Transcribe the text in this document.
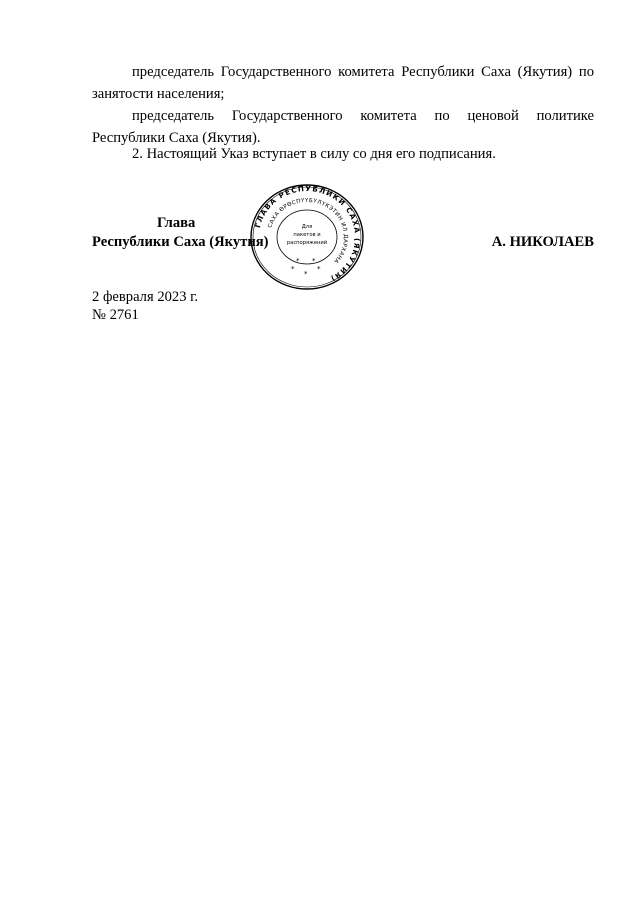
председатель Государственного комитета Республики Саха (Якутия) по занятости населения;

председатель Государственного комитета по ценовой политике Республики Саха (Якутия).

2. Настоящий Указ вступает в силу со дня его подписания.

Глава
Республики Саха (Якутия)	А. НИКОЛАЕВ
ГЛАВА РЕСПУБЛИКИ САХА (ЯКУТИЯ)
САХА ӨРӨСПҮҮБҮЛҮКЭТИН ИЛ ДАРХАНА
Для
пакетов и
распоряжений
*
*
*
* *
2 февраля 2023 г.
№ 2761
